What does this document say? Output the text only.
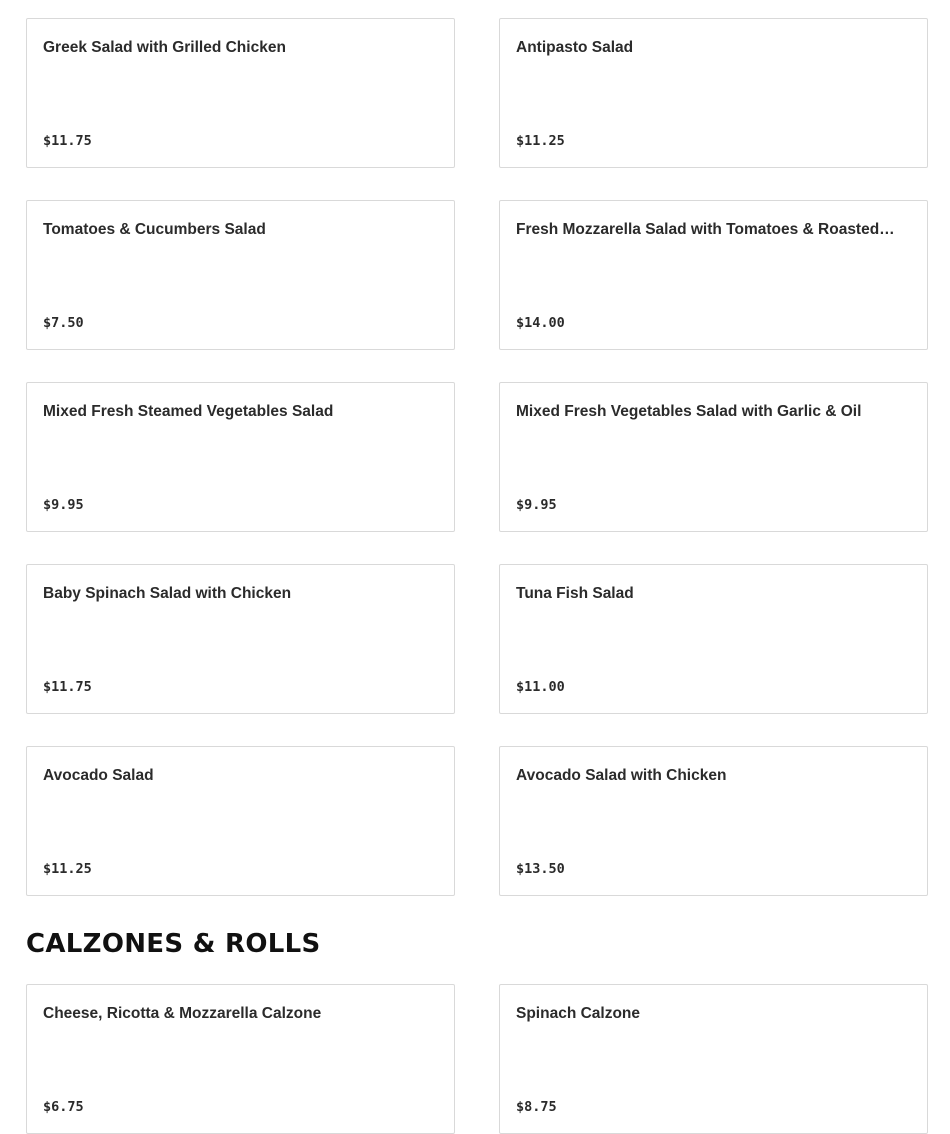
Greek Salad with Grilled Chicken
$11.75
Antipasto Salad
$11.25
Tomatoes & Cucumbers Salad
$7.50
Fresh Mozzarella Salad with Tomatoes & Roasted…
$14.00
Mixed Fresh Steamed Vegetables Salad
$9.95
Mixed Fresh Vegetables Salad with Garlic & Oil
$9.95
Baby Spinach Salad with Chicken
$11.75
Tuna Fish Salad
$11.00
Avocado Salad
$11.25
Avocado Salad with Chicken
$13.50
CALZONES & ROLLS
Cheese, Ricotta & Mozzarella Calzone
$6.75
Spinach Calzone
$8.75
